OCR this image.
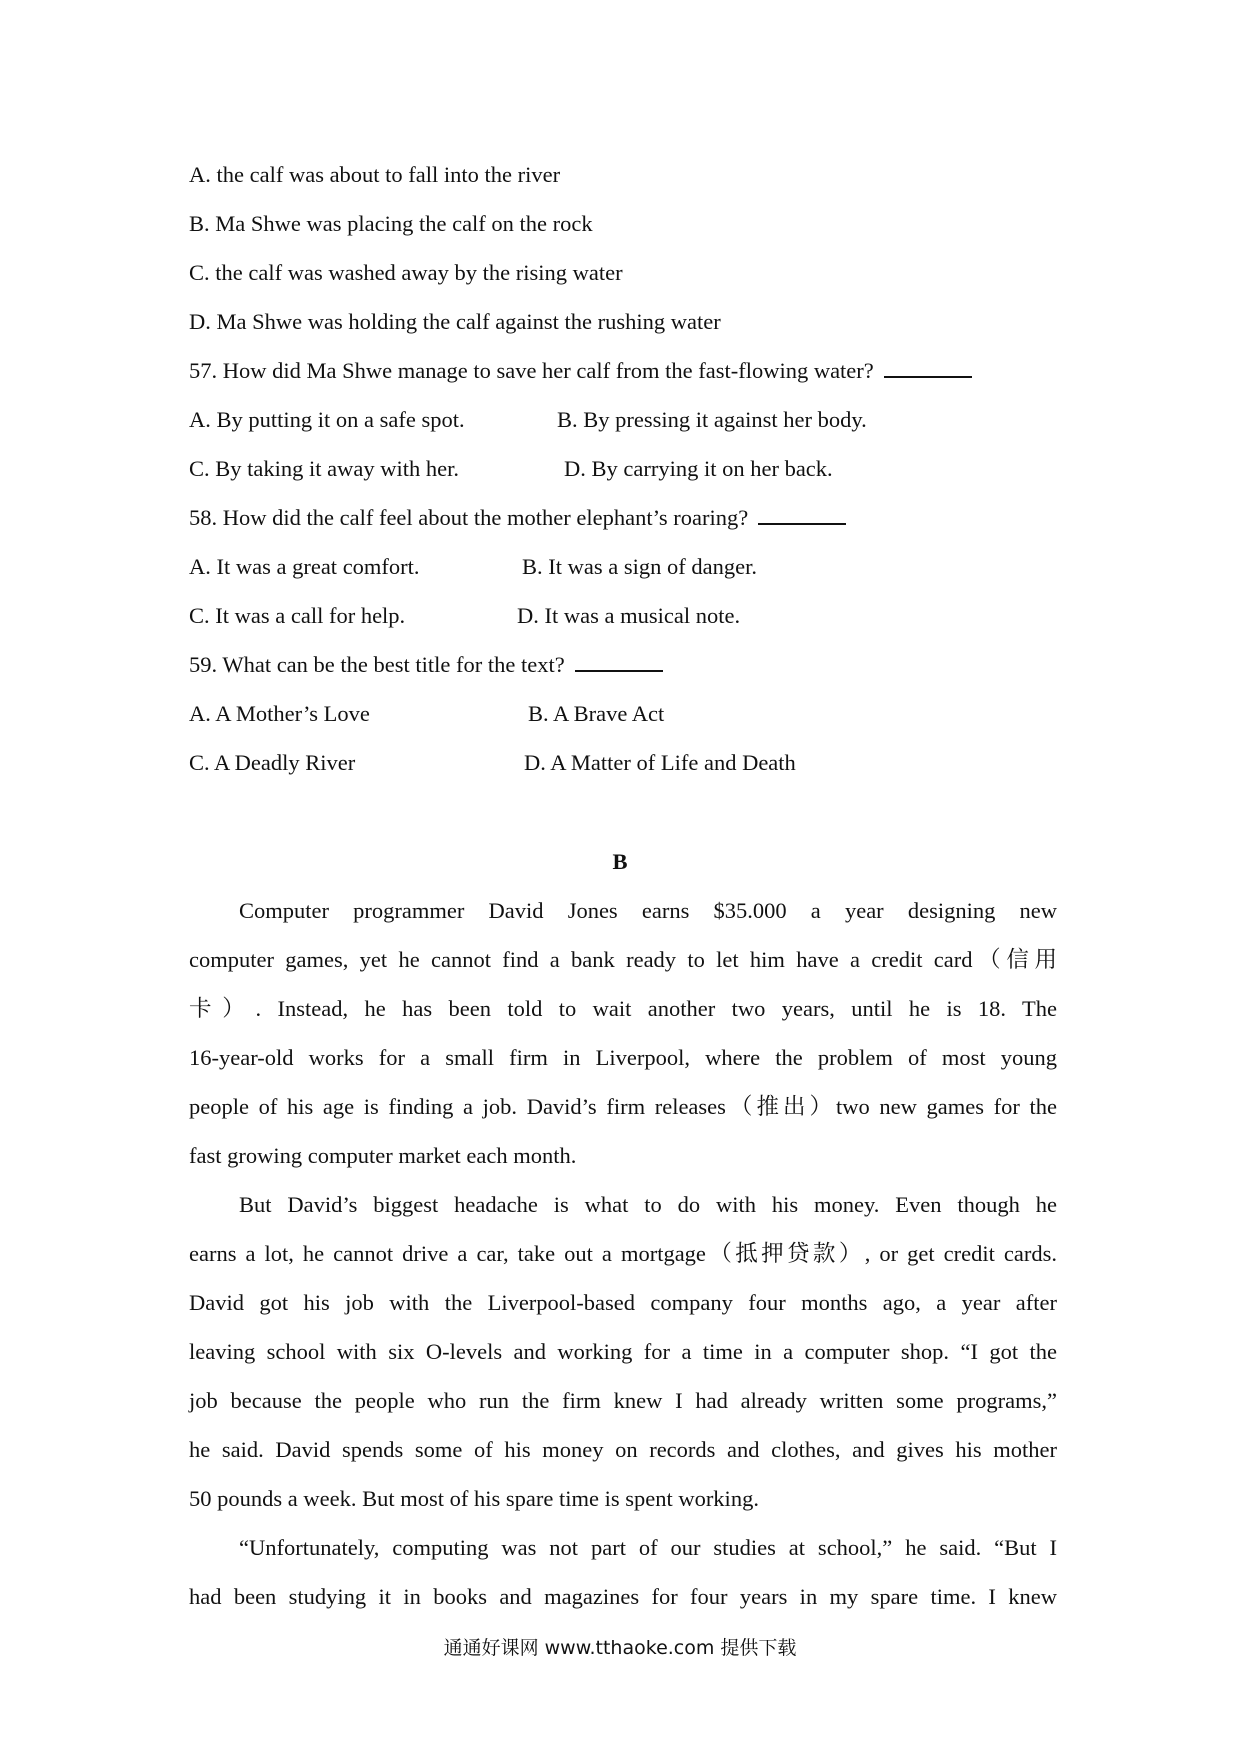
A. the calf was about to fall into the river
B. Ma Shwe was placing the calf on the rock
C. the calf was washed away by the rising water
D. Ma Shwe was holding the calf against the rushing water
57. How did Ma Shwe manage to save her calf from the fast-flowing water?
A. By putting it on a safe spot.	B. By pressing it against her body.
C. By taking it away with her.	D. By carrying it on her back.
58. How did the calf feel about the mother elephant’s roaring?
A. It was a great comfort.	B. It was a sign of danger.
C. It was a call for help.	D. It was a musical note.
59. What can be the best title for the text?
A. A Mother’s Love	B. A Brave Act
C. A Deadly River	D. A Matter of Life and Death
B
Computer programmer David Jones earns $35.000 a year designing new
computer games, yet he cannot find a bank ready to let him have a credit card（信用
卡）. Instead, he has been told to wait another two years, until he is 18. The
16-year-old works for a small firm in Liverpool, where the problem of most young
people of his age is finding a job. David’s firm releases（推出）two new games for the
fast growing computer market each month.
But David’s biggest headache is what to do with his money. Even though he
earns a lot, he cannot drive a car, take out a mortgage（抵押贷款）, or get credit cards.
David got his job with the Liverpool-based company four months ago, a year after
leaving school with six O-levels and working for a time in a computer shop. “I got the
job because the people who run the firm knew I had already written some programs,”
he said. David spends some of his money on records and clothes, and gives his mother
50 pounds a week. But most of his spare time is spent working.
“Unfortunately, computing was not part of our studies at school,” he said. “But I
had been studying it in books and magazines for four years in my spare time. I knew
通通好课网 www.tthaoke.com 提供下载
